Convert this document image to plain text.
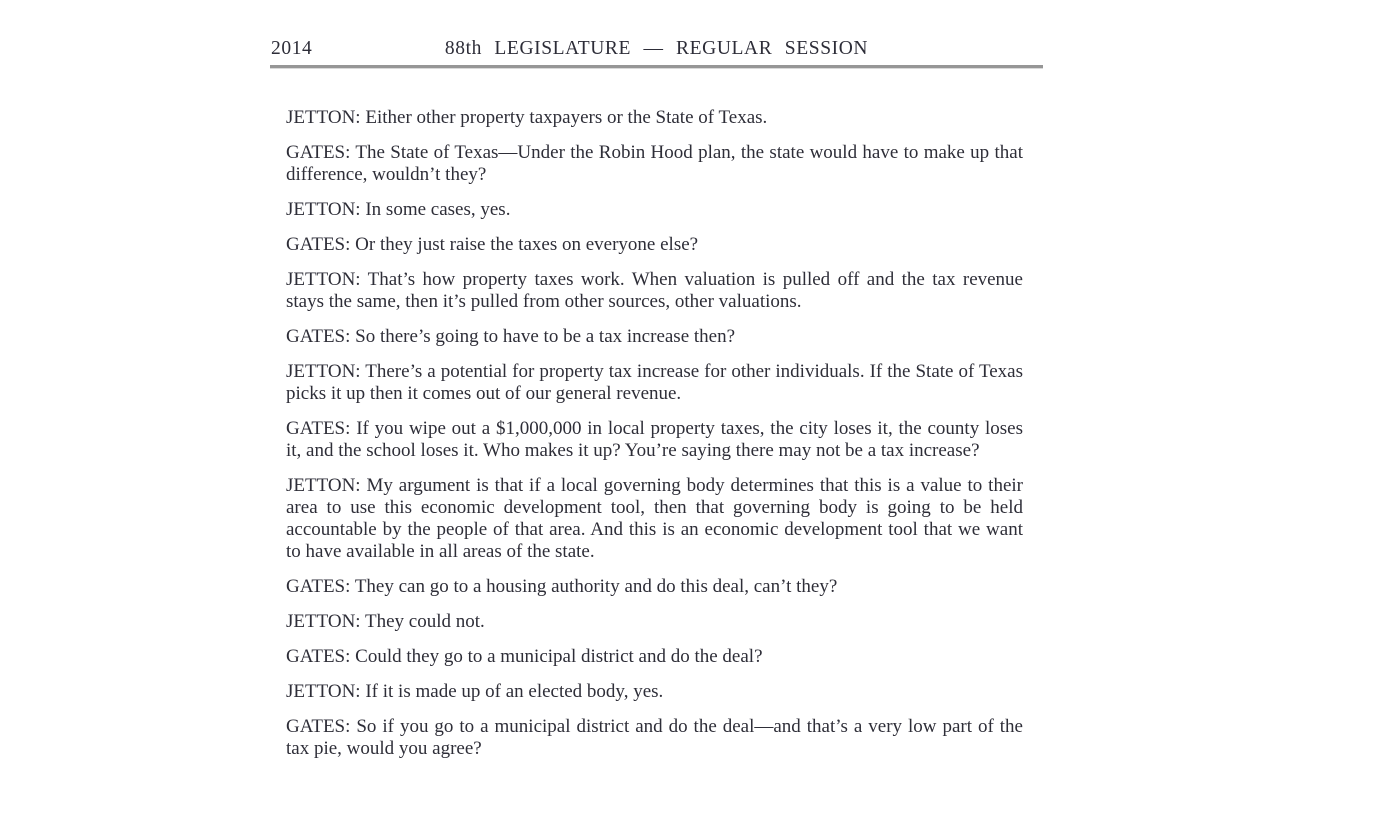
2014	88th LEGISLATURE — REGULAR SESSION

JETTON: Either other property taxpayers or the State of Texas.

GATES: The State of Texas—Under the Robin Hood plan, the state would have to make up that difference, wouldn’t they?

JETTON: In some cases, yes.

GATES: Or they just raise the taxes on everyone else?

JETTON: That’s how property taxes work. When valuation is pulled off and the tax revenue stays the same, then it’s pulled from other sources, other valuations.

GATES: So there’s going to have to be a tax increase then?

JETTON: There’s a potential for property tax increase for other individuals. If the State of Texas picks it up then it comes out of our general revenue.

GATES: If you wipe out a $1,000,000 in local property taxes, the city loses it, the county loses it, and the school loses it. Who makes it up? You’re saying there may not be a tax increase?

JETTON: My argument is that if a local governing body determines that this is a value to their area to use this economic development tool, then that governing body is going to be held accountable by the people of that area. And this is an economic development tool that we want to have available in all areas of the state.

GATES: They can go to a housing authority and do this deal, can’t they?

JETTON: They could not.

GATES: Could they go to a municipal district and do the deal?

JETTON: If it is made up of an elected body, yes.

GATES: So if you go to a municipal district and do the deal—and that’s a very low part of the tax pie, would you agree?
